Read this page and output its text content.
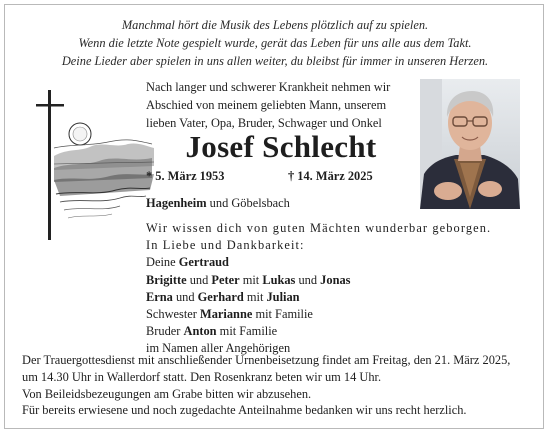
Manchmal hört die Musik des Lebens plötzlich auf zu spielen.
Wenn die letzte Note gespielt wurde, gerät das Leben für uns alle aus dem Takt.
Deine Lieder aber spielen in uns allen weiter, du bleibst für immer in unseren Herzen.
Nach langer und schwerer Krankheit nehmen wir
Abschied von meinem geliebten Mann, unserem
lieben Vater, Opa, Bruder, Schwager und Onkel
Josef Schlecht
* 5. März 1953	† 14. März 2025
Hagenheim und Göbelsbach
Wir wissen dich von guten Mächten wunderbar geborgen.
In Liebe und Dankbarkeit:
Deine Gertraud
Brigitte und Peter mit Lukas und Jonas
Erna und Gerhard mit Julian
Schwester Marianne mit Familie
Bruder Anton mit Familie
im Namen aller Angehörigen
Der Trauergottesdienst mit anschließender Urnenbeisetzung findet am Freitag, den 21. März 2025,
um 14.30 Uhr in Wallerdorf statt. Den Rosenkranz beten wir um 14 Uhr.
Von Beileidsbezeugungen am Grabe bitten wir abzusehen.
Für bereits erwiesene und noch zugedachte Anteilnahme bedanken wir uns recht herzlich.
